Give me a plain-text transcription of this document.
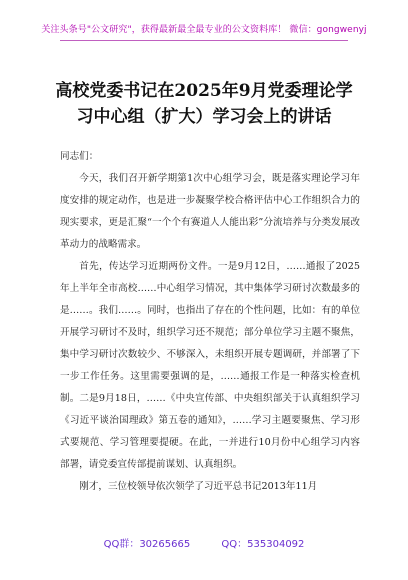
关注头条号"公文研究"，获得最新最全最专业的公文资料库！ 微信：gongwenyj
高校党委书记在2025年9月党委理论学
习中心组（扩大）学习会上的讲话

同志们：

今天，我们召开新学期第1次中心组学习会，既是落实理论学习年度安排的规定动作，也是进一步凝聚学校合格评估中心工作组织合力的现实要求，更是汇聚“一个个有赛道人人能出彩”分流培养与分类发展改革动力的战略需求。

首先，传达学习近期两份文件。一是9月12日，……通报了2025年上半年全市高校……中心组学习情况，其中集体学习研讨次数最多的是……。我们……。同时，也指出了存在的个性问题，比如：有的单位开展学习研讨不及时，组织学习还不规范；部分单位学习主题不聚焦，集中学习研讨次数较少、不够深入，未组织开展专题调研，并部署了下一步工作任务。这里需要强调的是，……通报工作是一种落实检查机制。二是9月18日，……《中央宣传部、中央组织部关于认真组织学习《习近平谈治国理政》第五卷的通知》，……学习主题要聚焦、学习形式要规范、学习管理要提硬。在此，一并进行10月份中心组学习内容部署，请党委宣传部提前谋划、认真组织。

刚才，三位校领导依次领学了习近平总书记2013年11月

QQ群：30265665	QQ：535304092
